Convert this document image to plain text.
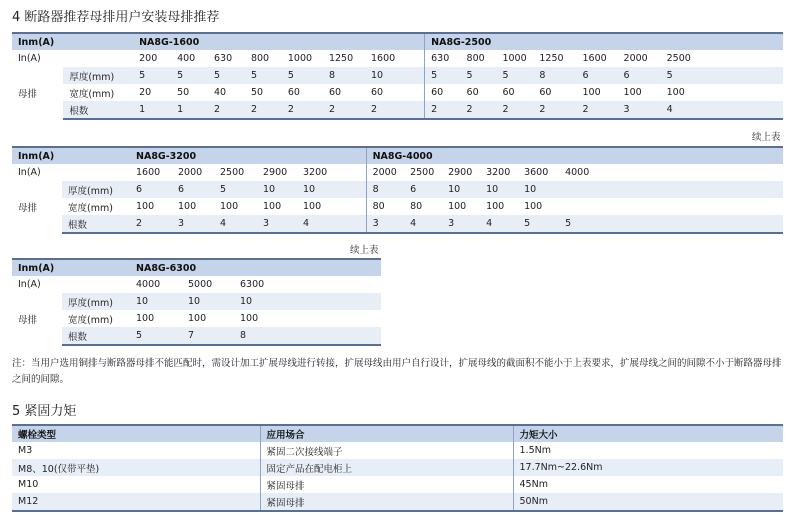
4 断路器推荐母排用户安装母排推荐
Inm(A)		NA8G-1600								NA8G-2500							
In(A)		200	400	630	800	1000	1250	1600		630	800	1000	1250	1600	2000	2500	
母排	厚度(mm)	5	5	5	5	5	8	10		5	5	5	8	6	6	5	
	宽度(mm)	20	50	40	50	60	60	60		60	60	60	60	100	100	100	
	根数	1	1	2	2	2	2	2		2	2	2	2	2	3	4	
续上表
Inm(A)		NA8G-3200					NA8G-4000						
In(A)		1600	2000	2500	2900	3200	2000	2500	2900	3200	3600	4000	
母排	厚度(mm)	6	6	5	10	10	8	6	10	10	10		
	宽度(mm)	100	100	100	100	100	80	80	100	100	100		
	根数	2	3	4	3	4	3	4	3	4	5	5	
续上表
Inm(A)		NA8G-6300			
In(A)		4000	5000	6300	
母排	厚度(mm)	10	10	10	
	宽度(mm)	100	100	100	
	根数	5	7	8	
注：当用户选用铜排与断路器母排不能匹配时，需设计加工扩展母线进行转接，扩展母线由用户自行设计，扩展母线的截面积不能小于上表要求，扩展母线之间的间隙不小于断路器母排之间的间隙。
5 紧固力矩
螺栓类型	应用场合	力矩大小
M3	紧固二次接线端子	1.5Nm
M8、10(仅带平垫)	固定产品在配电柜上	17.7Nm~22.6Nm
M10	紧固母排	45Nm
M12	紧固母排	50Nm
